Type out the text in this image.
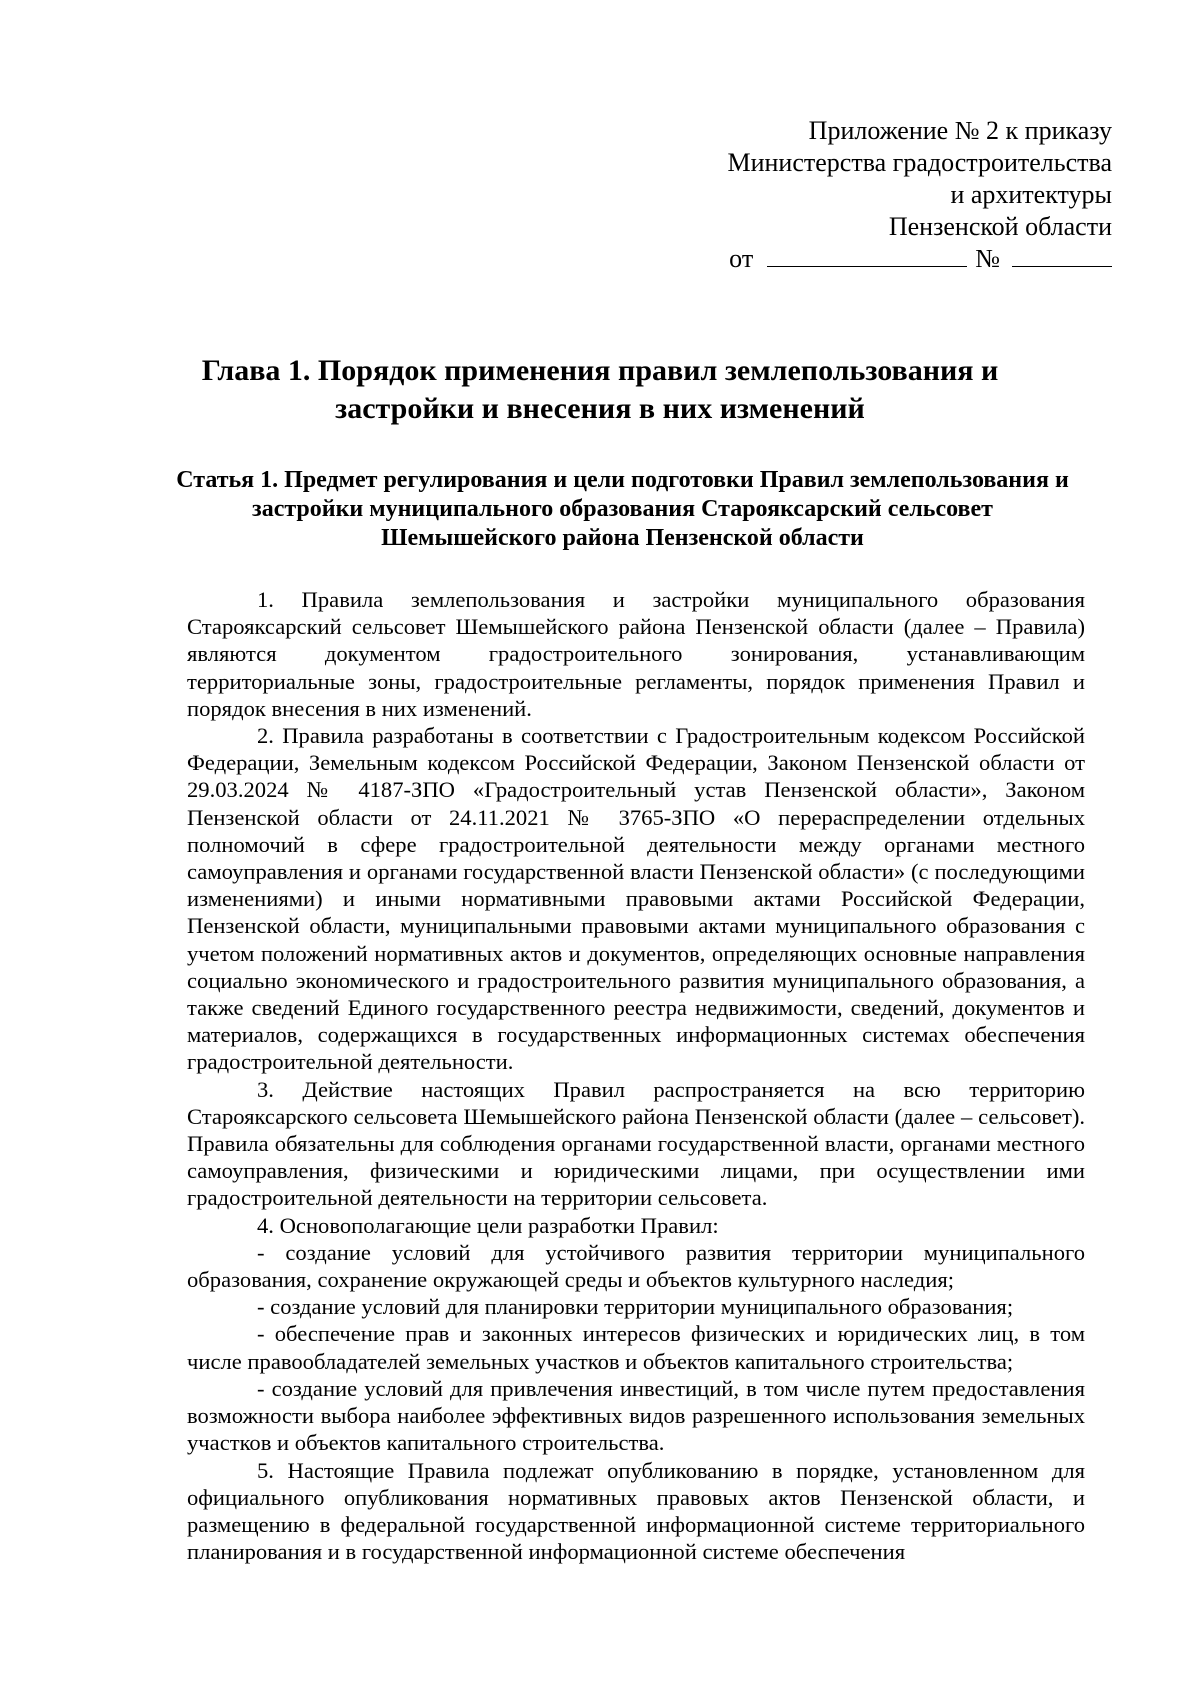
Приложение № 2 к приказу
Министерства градостроительства
и архитектуры
Пензенской области
от	№
Глава 1. Порядок применения правил землепользования и застройки и внесения в них изменений
Статья 1. Предмет регулирования и цели подготовки Правил землепользования и застройки муниципального образования Старояксарский сельсовет Шемышейского района Пензенской области

1. Правила землепользования и застройки муниципального образования Старояксарский сельсовет Шемышейского района Пензенской области (далее – Правила) являются документом градостроительного зонирования, устанавливающим территориальные зоны, градостроительные регламенты, порядок применения Правил и порядок внесения в них изменений.

2. Правила разработаны в соответствии с Градостроительным кодексом Российской Федерации, Земельным кодексом Российской Федерации, Законом Пензенской области от 29.03.2024 № 4187-ЗПО «Градостроительный устав Пензенской области», Законом Пензенской области от 24.11.2021 № 3765-ЗПО «О перераспределении отдельных полномочий в сфере градостроительной деятельности между органами местного самоуправления и органами государственной власти Пензенской области» (с последующими изменениями) и иными нормативными правовыми актами Российской Федерации, Пензенской области, муниципальными правовыми актами муниципального образования с учетом положений нормативных актов и документов, определяющих основные направления социально экономического и градостроительного развития муниципального образования, а также сведений Единого государственного реестра недвижимости, сведений, документов и материалов, содержащихся в государственных информационных системах обеспечения градостроительной деятельности.

3. Действие настоящих Правил распространяется на всю территорию Старояксарского сельсовета Шемышейского района Пензенской области (далее – сельсовет). Правила обязательны для соблюдения органами государственной власти, органами местного самоуправления, физическими и юридическими лицами, при осуществлении ими градостроительной деятельности на территории сельсовета.

4. Основополагающие цели разработки Правил:

- создание условий для устойчивого развития территории муниципального образования, сохранение окружающей среды и объектов культурного наследия;

- создание условий для планировки территории муниципального образования;

- обеспечение прав и законных интересов физических и юридических лиц, в том числе правообладателей земельных участков и объектов капитального строительства;

- создание условий для привлечения инвестиций, в том числе путем предоставления возможности выбора наиболее эффективных видов разрешенного использования земельных участков и объектов капитального строительства.

5. Настоящие Правила подлежат опубликованию в порядке, установленном для официального опубликования нормативных правовых актов Пензенской области, и размещению в федеральной государственной информационной системе территориального планирования и в государственной информационной системе обеспечения
